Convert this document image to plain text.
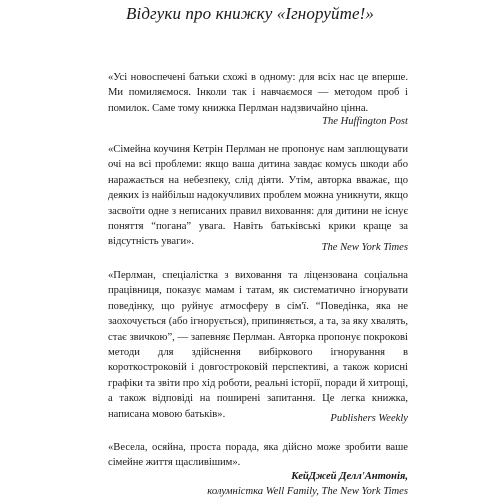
Відгуки про книжку «Ігноруйте!»
«Усі новоспечені батьки схожі в одному: для всіх нас це вперше. Ми помиляємося. Інколи так і навчаємося — методом проб і помилок. Саме тому книжка Перлман надзвичайно цінна.
The Huffington Post
«Сімейна коучиня Кетрін Перлман не пропонує нам заплющувати очі на всі проблеми: якщо ваша дитина завдає комусь шкоди або наражається на небезпеку, слід діяти. Утім, авторка вважає, що деяких із найбільш надокучливих проблем можна уникнути, якщо засвоїти одне з неписаних правил виховання: для дитини не існує поняття “погана” увага. Навіть батьківські крики краще за відсутність уваги».
The New York Times
«Перлман, спеціалістка з виховання та ліцензована соціальна працівниця, показує мамам і татам, як систематично ігнорувати поведінку, що руйнує атмосферу в сім'ї. “Поведінка, яка не заохочується (або ігнорується), припиняється, а та, за яку хвалять, стає звичкою”, — запевняє Перлман. Авторка пропонує покрокові методи для здійснення вибіркового ігнорування в короткостроковій і довгостроковій перспективі, а також корисні графіки та звіти про хід роботи, реальні історії, поради й хитрощі, а також відповіді на поширені запитання. Це легка книжка, написана мовою батьків».	Publishers Weekly
«Весела, осяйна, проста порада, яка дійсно може зробити ваше сімейне життя щасливішим».
КейДжей Делл'Антонія,
колумністка Well Family, The New York Times
